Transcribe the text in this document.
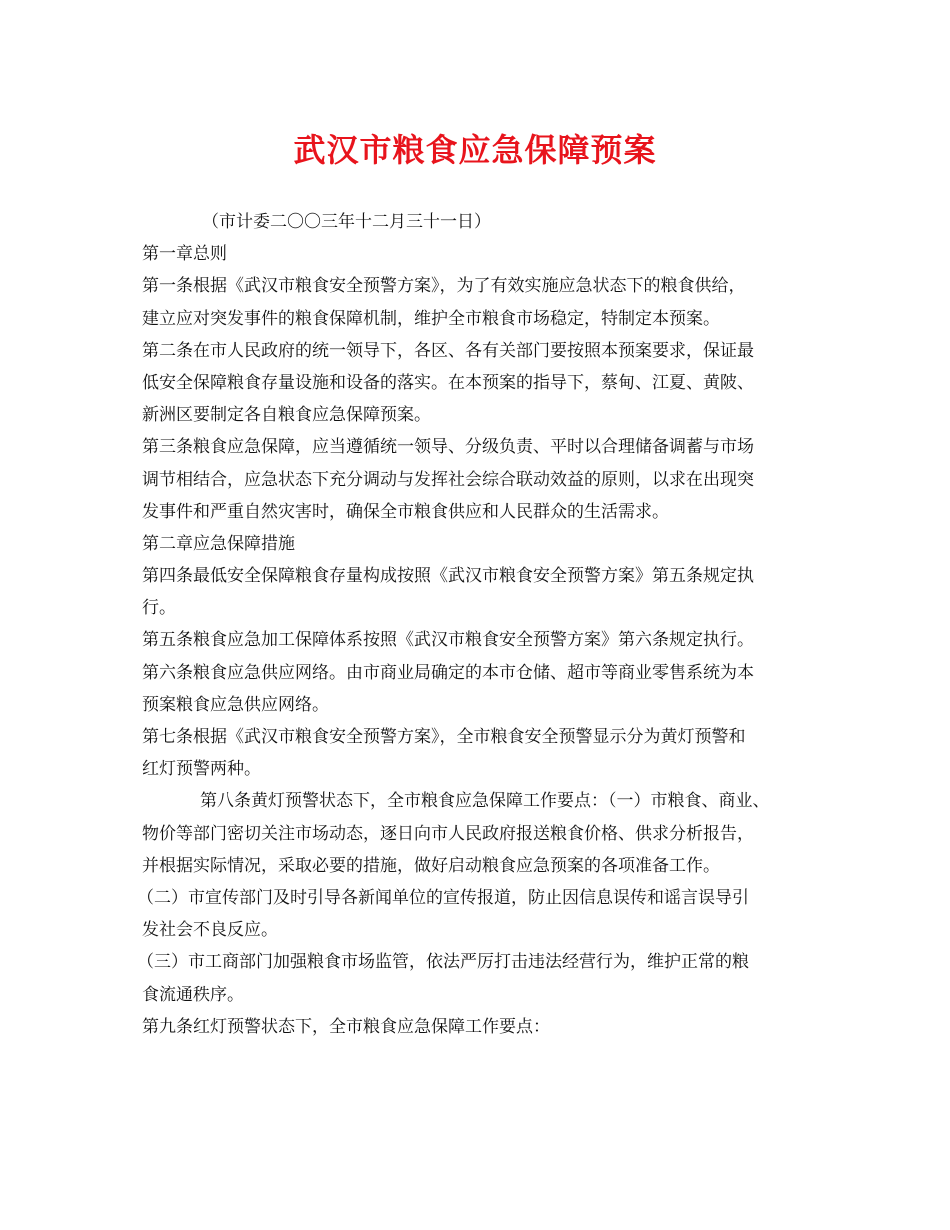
武汉市粮食应急保障预案
（市计委二〇〇三年十二月三十一日）
第一章总则
第一条根据《武汉市粮食安全预警方案》，为了有效实施应急状态下的粮食供给，
建立应对突发事件的粮食保障机制，维护全市粮食市场稳定，特制定本预案。
第二条在市人民政府的统一领导下，各区、各有关部门要按照本预案要求，保证最
低安全保障粮食存量设施和设备的落实。在本预案的指导下，蔡甸、江夏、黄陂、
新洲区要制定各自粮食应急保障预案。
第三条粮食应急保障，应当遵循统一领导、分级负责、平时以合理储备调蓄与市场
调节相结合，应急状态下充分调动与发挥社会综合联动效益的原则，以求在出现突
发事件和严重自然灾害时，确保全市粮食供应和人民群众的生活需求。
第二章应急保障措施
第四条最低安全保障粮食存量构成按照《武汉市粮食安全预警方案》第五条规定执
行。
第五条粮食应急加工保障体系按照《武汉市粮食安全预警方案》第六条规定执行。
第六条粮食应急供应网络。由市商业局确定的本市仓储、超市等商业零售系统为本
预案粮食应急供应网络。
第七条根据《武汉市粮食安全预警方案》，全市粮食安全预警显示分为黄灯预警和
红灯预警两种。
第八条黄灯预警状态下，全市粮食应急保障工作要点：（一）市粮食、商业、
物价等部门密切关注市场动态，逐日向市人民政府报送粮食价格、供求分析报告，
并根据实际情况，采取必要的措施，做好启动粮食应急预案的各项准备工作。
（二）市宣传部门及时引导各新闻单位的宣传报道，防止因信息误传和谣言误导引
发社会不良反应。
（三）市工商部门加强粮食市场监管，依法严厉打击违法经营行为，维护正常的粮
食流通秩序。
第九条红灯预警状态下，全市粮食应急保障工作要点：
